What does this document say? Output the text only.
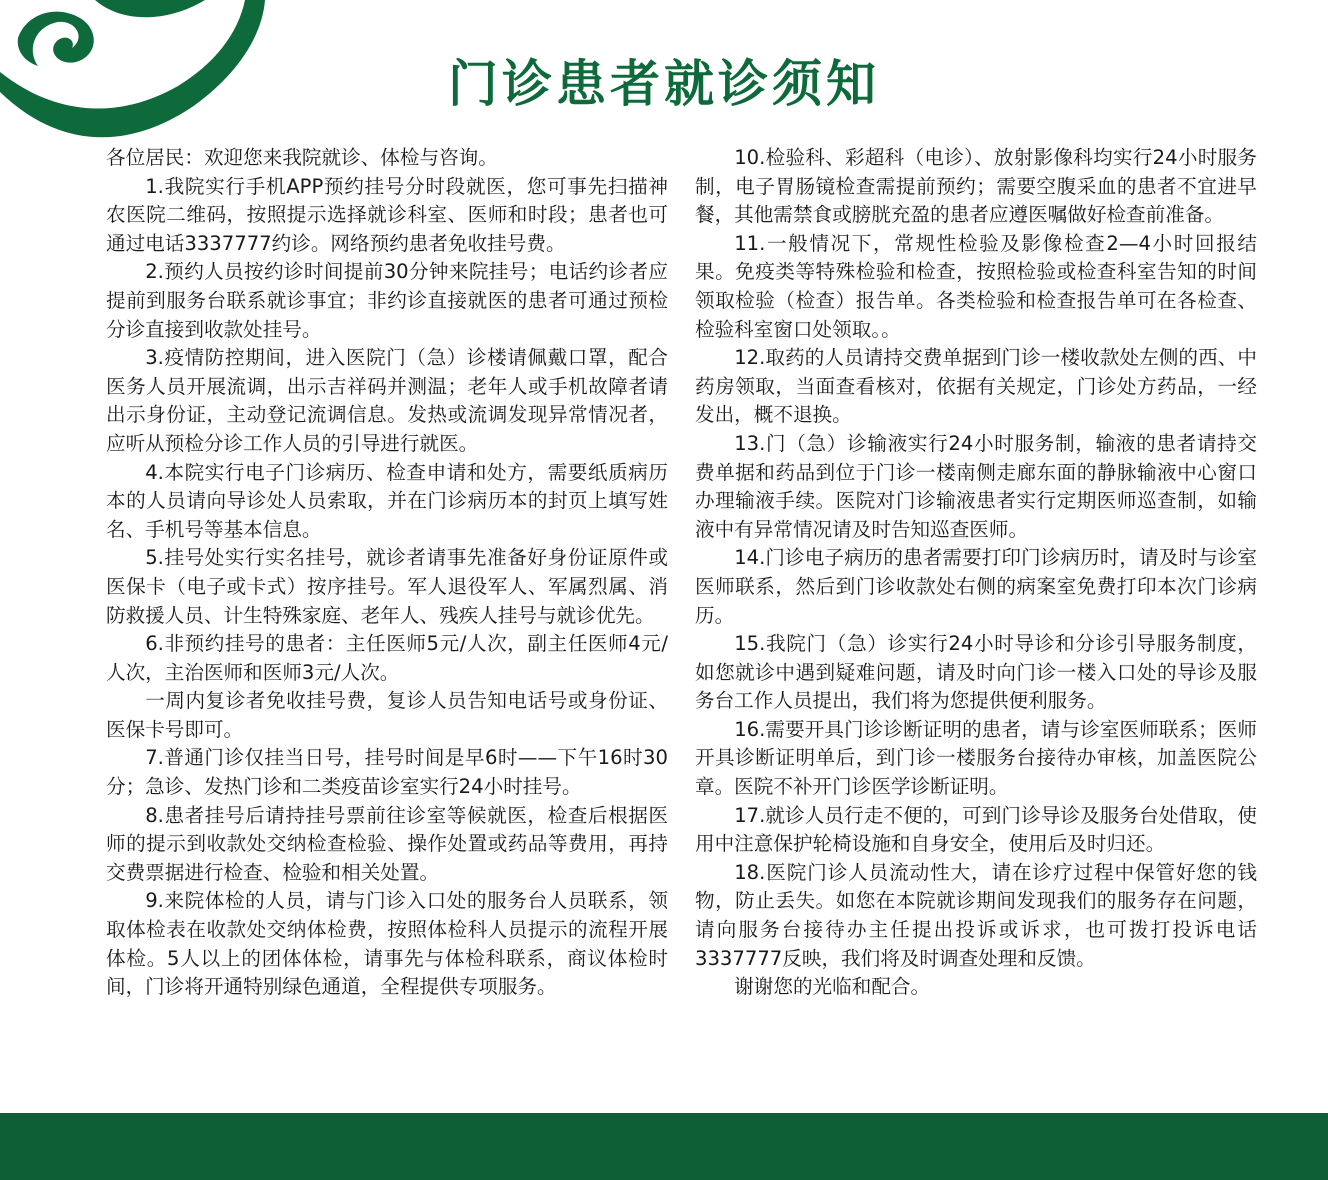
门诊患者就诊须知

各位居民：欢迎您来我院就诊、体检与咨询。

1.我院实行手机APP预约挂号分时段就医，您可事先扫描神农医院二维码，按照提示选择就诊科室、医师和时段；患者也可通过电话3337777约诊。网络预约患者免收挂号费。

2.预约人员按约诊时间提前30分钟来院挂号；电话约诊者应提前到服务台联系就诊事宜；非约诊直接就医的患者可通过预检分诊直接到收款处挂号。

3.疫情防控期间，进入医院门（急）诊楼请佩戴口罩，配合医务人员开展流调，出示吉祥码并测温；老年人或手机故障者请出示身份证，主动登记流调信息。发热或流调发现异常情况者，应听从预检分诊工作人员的引导进行就医。

4.本院实行电子门诊病历、检查申请和处方，需要纸质病历本的人员请向导诊处人员索取，并在门诊病历本的封页上填写姓名、手机号等基本信息。

5.挂号处实行实名挂号，就诊者请事先准备好身份证原件或医保卡（电子或卡式）按序挂号。军人退役军人、军属烈属、消防救援人员、计生特殊家庭、老年人、残疾人挂号与就诊优先。

6.非预约挂号的患者：主任医师5元/人次，副主任医师4元/人次，主治医师和医师3元/人次。

一周内复诊者免收挂号费，复诊人员告知电话号或身份证、医保卡号即可。

7.普通门诊仅挂当日号，挂号时间是早6时——下午16时30分；急诊、发热门诊和二类疫苗诊室实行24小时挂号。

8.患者挂号后请持挂号票前往诊室等候就医，检查后根据医师的提示到收款处交纳检查检验、操作处置或药品等费用，再持交费票据进行检查、检验和相关处置。

9.来院体检的人员，请与门诊入口处的服务台人员联系，领取体检表在收款处交纳体检费，按照体检科人员提示的流程开展体检。5人以上的团体体检，请事先与体检科联系，商议体检时间，门诊将开通特别绿色通道，全程提供专项服务。

10.检验科、彩超科（电诊）、放射影像科均实行24小时服务制，电子胃肠镜检查需提前预约；需要空腹采血的患者不宜进早餐，其他需禁食或膀胱充盈的患者应遵医嘱做好检查前准备。

11.一般情况下，常规性检验及影像检查2—4小时回报结果。免疫类等特殊检验和检查，按照检验或检查科室告知的时间领取检验（检查）报告单。各类检验和检查报告单可在各检查、检验科室窗口处领取。。

12.取药的人员请持交费单据到门诊一楼收款处左侧的西、中药房领取，当面查看核对，依据有关规定，门诊处方药品，一经发出，概不退换。

13.门（急）诊输液实行24小时服务制，输液的患者请持交费单据和药品到位于门诊一楼南侧走廊东面的静脉输液中心窗口办理输液手续。医院对门诊输液患者实行定期医师巡查制，如输液中有异常情况请及时告知巡查医师。

14.门诊电子病历的患者需要打印门诊病历时，请及时与诊室医师联系，然后到门诊收款处右侧的病案室免费打印本次门诊病历。

15.我院门（急）诊实行24小时导诊和分诊引导服务制度，如您就诊中遇到疑难问题，请及时向门诊一楼入口处的导诊及服务台工作人员提出，我们将为您提供便利服务。

16.需要开具门诊诊断证明的患者，请与诊室医师联系；医师开具诊断证明单后，到门诊一楼服务台接待办审核，加盖医院公章。医院不补开门诊医学诊断证明。

17.就诊人员行走不便的，可到门诊导诊及服务台处借取，使用中注意保护轮椅设施和自身安全，使用后及时归还。

18.医院门诊人员流动性大，请在诊疗过程中保管好您的钱物，防止丢失。如您在本院就诊期间发现我们的服务存在问题，请向服务台接待办主任提出投诉或诉求，也可拨打投诉电话3337777反映，我们将及时调查处理和反馈。

谢谢您的光临和配合。
